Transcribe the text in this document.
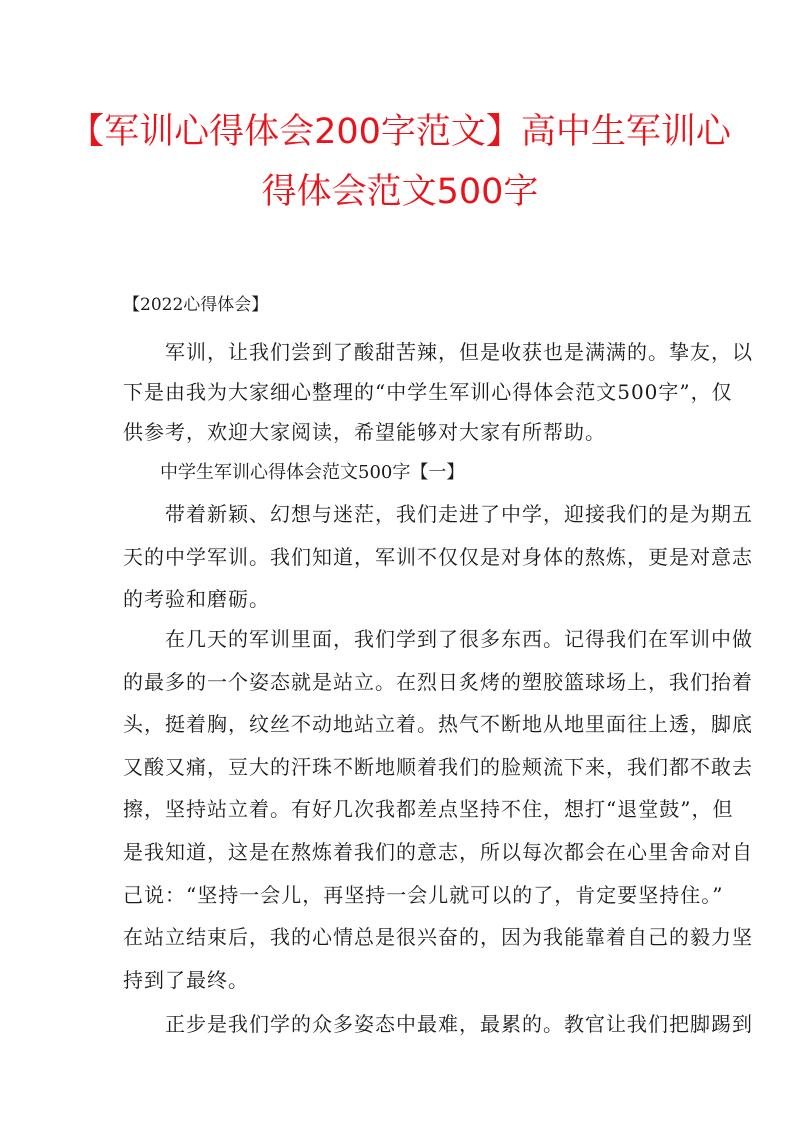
【军训心得体会200字范文】高中生军训心
得体会范文500字
【2022心得体会】
　　军训，让我们尝到了酸甜苦辣，但是收获也是满满的。挚友，以
下是由我为大家细心整理的“中学生军训心得体会范文500字”，仅
供参考，欢迎大家阅读，希望能够对大家有所帮助。
中学生军训心得体会范文500字【一】
　　带着新颖、幻想与迷茫，我们走进了中学，迎接我们的是为期五
天的中学军训。我们知道，军训不仅仅是对身体的熬炼，更是对意志
的考验和磨砺。
　　在几天的军训里面，我们学到了很多东西。记得我们在军训中做
的最多的一个姿态就是站立。在烈日炙烤的塑胶篮球场上，我们抬着
头，挺着胸，纹丝不动地站立着。热气不断地从地里面往上透，脚底
又酸又痛，豆大的汗珠不断地顺着我们的脸颊流下来，我们都不敢去
擦，坚持站立着。有好几次我都差点坚持不住，想打“退堂鼓”，但
是我知道，这是在熬炼着我们的意志，所以每次都会在心里舍命对自
己说：“坚持一会儿，再坚持一会儿就可以的了，肯定要坚持住。”
在站立结束后，我的心情总是很兴奋的，因为我能靠着自己的毅力坚
持到了最终。
　　正步是我们学的众多姿态中最难，最累的。教官让我们把脚踢到
